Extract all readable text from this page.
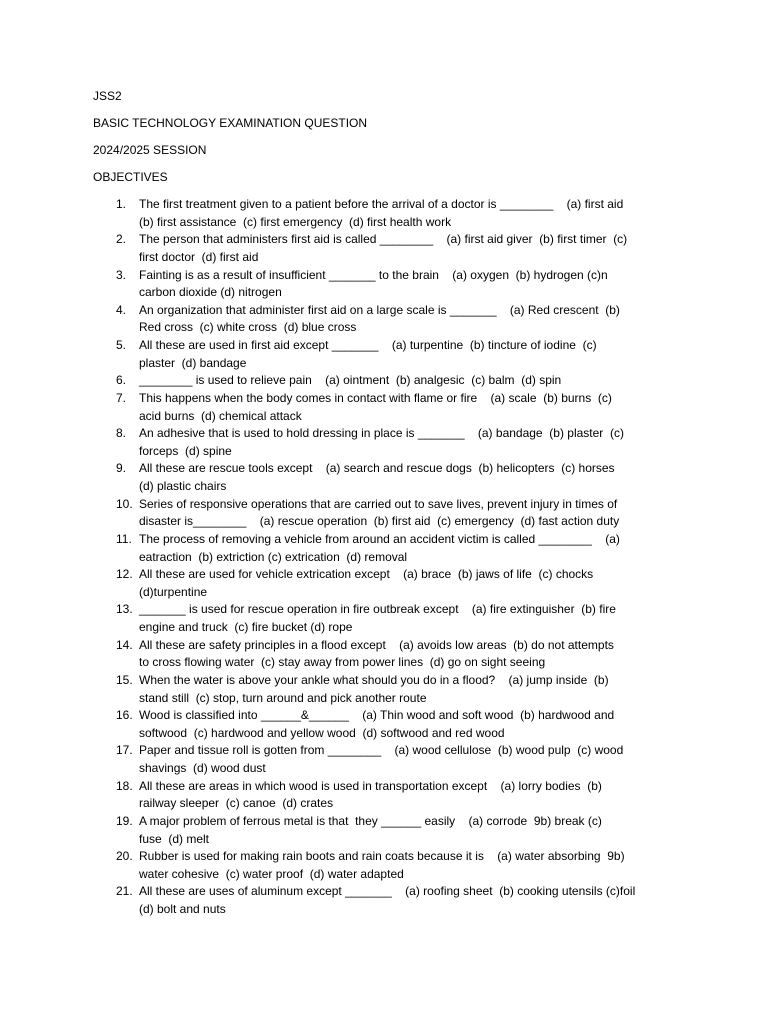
JSS2
BASIC TECHNOLOGY EXAMINATION QUESTION
2024/2025 SESSION
OBJECTIVES
1.	The first treatment given to a patient before the arrival of a doctor is ________    (a) first aid
(b) first assistance  (c) first emergency  (d) first health work
2.	The person that administers first aid is called ________    (a) first aid giver  (b) first timer  (c)
first doctor  (d) first aid
3.	Fainting is as a result of insufficient _______ to the brain    (a) oxygen  (b) hydrogen (c)n
carbon dioxide (d) nitrogen
4.	An organization that administer first aid on a large scale is _______    (a) Red crescent  (b)
Red cross  (c) white cross  (d) blue cross
5.	All these are used in first aid except _______    (a) turpentine  (b) tincture of iodine  (c)
plaster  (d) bandage
6.	________ is used to relieve pain    (a) ointment  (b) analgesic  (c) balm  (d) spin
7.	This happens when the body comes in contact with flame or fire    (a) scale  (b) burns  (c)
acid burns  (d) chemical attack
8.	An adhesive that is used to hold dressing in place is _______    (a) bandage  (b) plaster  (c)
forceps  (d) spine
9.	All these are rescue tools except    (a) search and rescue dogs  (b) helicopters  (c) horses
(d) plastic chairs
10. Series of responsive operations that are carried out to save lives, prevent injury in times of
disaster is________    (a) rescue operation  (b) first aid  (c) emergency  (d) fast action duty
11. The process of removing a vehicle from around an accident victim is called ________    (a)
eatraction  (b) extriction (c) extrication  (d) removal
12. All these are used for vehicle extrication except    (a) brace  (b) jaws of life  (c) chocks
(d)turpentine
13. _______ is used for rescue operation in fire outbreak except    (a) fire extinguisher  (b) fire
engine and truck  (c) fire bucket (d) rope
14. All these are safety principles in a flood except    (a) avoids low areas  (b) do not attempts
to cross flowing water  (c) stay away from power lines  (d) go on sight seeing
15. When the water is above your ankle what should you do in a flood?    (a) jump inside  (b)
stand still  (c) stop, turn around and pick another route
16. Wood is classified into ______&______    (a) Thin wood and soft wood  (b) hardwood and
softwood  (c) hardwood and yellow wood  (d) softwood and red wood
17. Paper and tissue roll is gotten from ________    (a) wood cellulose  (b) wood pulp  (c) wood
shavings  (d) wood dust
18. All these are areas in which wood is used in transportation except    (a) lorry bodies  (b)
railway sleeper  (c) canoe  (d) crates
19. A major problem of ferrous metal is that  they ______ easily    (a) corrode  9b) break (c)
fuse  (d) melt
20. Rubber is used for making rain boots and rain coats because it is    (a) water absorbing  9b)
water cohesive  (c) water proof  (d) water adapted
21. All these are uses of aluminum except _______    (a) roofing sheet  (b) cooking utensils (c)foil
(d) bolt and nuts
